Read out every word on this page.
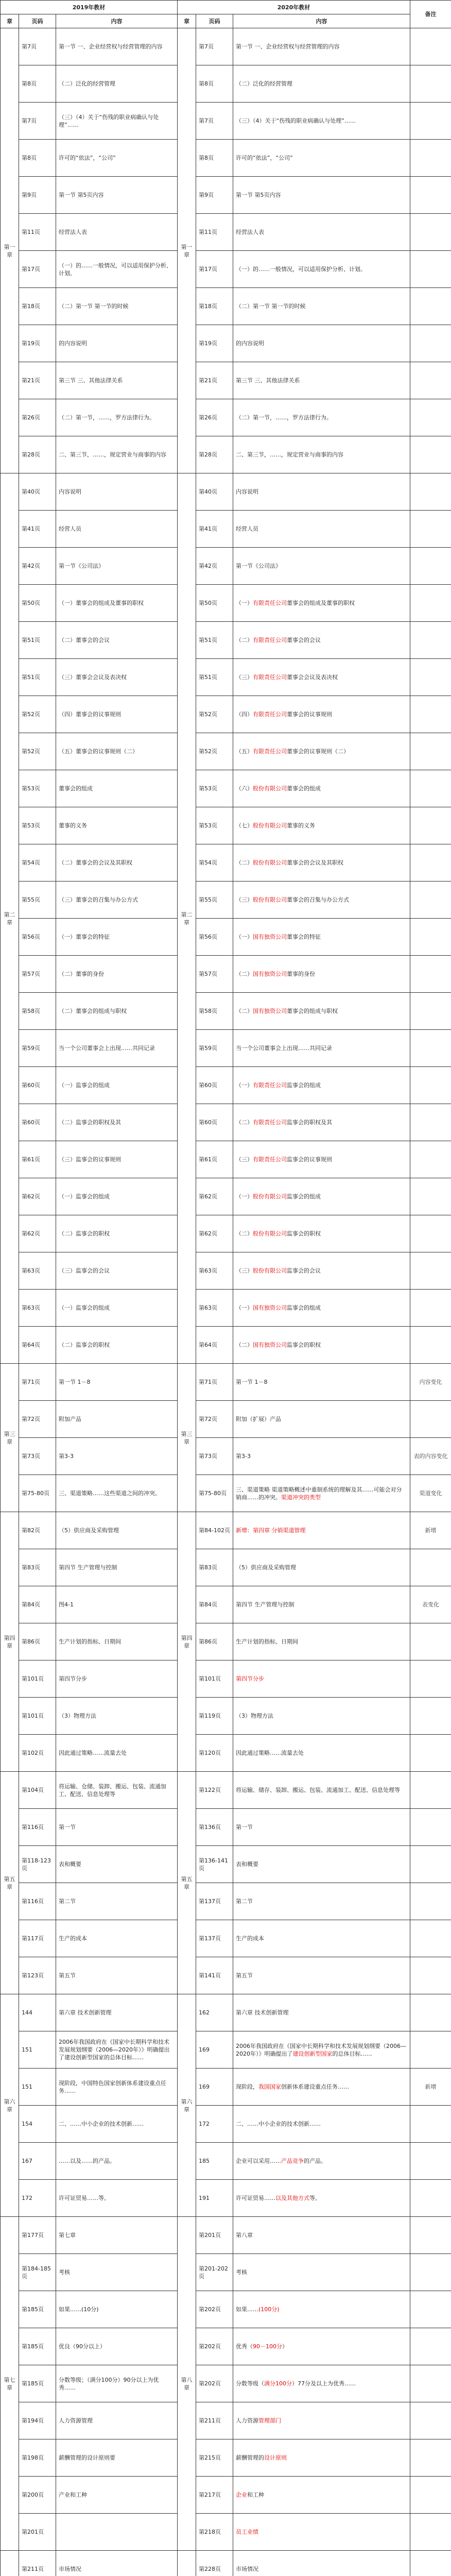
2019年教材			2020年教材			备注
章	页码	内容	章	页码	内容	
第一章	第7页	第一节 一、企业经营权与经营管理的内容	第一章	第7页	第一节 一、企业经营权与经营管理的内容	
	第8页	（二）泛化的经营管理		第8页	（二）泛化的经营管理	
	第7页	（三）（4）关于“伤残的职业病确认与处理”……		第7页	（三）（4）关于“伤残的职业病确认与处理”……	
	第8页	许可的“依法”，“公司”		第8页	许可的“依法”，“公司”	
	第9页	第一节 第5页内容		第9页	第一节 第5页内容	
	第11页	经营法人表		第11页	经营法人表	
	第17页	（一）的……一般情况，可以适用保护分析、计划。		第17页	（一）的……一般情况，可以适用保护分析、计划。	
	第18页	（二）第一节 第一节的时候		第18页	（二）第一节 第一节的时候	
	第19页	的内容说明		第19页	的内容说明	
	第21页	第三节 三、其他法律关系		第21页	第三节 三、其他法律关系	
	第26页	（二）第一节，……，罗方法律行为。		第26页	（二）第一节，……，罗方法律行为。	
	第28页	二、第三节，……，规定营业与商事的内容		第28页	二、第三节，……，规定营业与商事的内容	
第二章	第40页	内容说明	第二章	第40页	内容说明	
	第41页	经营人员		第41页	经营人员	
	第42页	第一节《公司法》		第42页	第一节《公司法》	
	第50页	（一）董事会的组成及董事的职权		第50页	（一）有限责任公司董事会的组成及董事的职权	
	第51页	（二）董事会的会议		第51页	（二）有限责任公司董事会的会议	
	第51页	（三）董事会会议及表决权		第51页	（三）有限责任公司董事会会议及表决权	
	第52页	（四）董事会的议事规则		第52页	（四）有限责任公司董事会的议事规则	
	第52页	（五）董事会的议事规则（二）		第52页	（五）有限责任公司董事会的议事规则（二）	
	第53页	董事会的组成		第53页	（六）股份有限公司董事会的组成	
	第53页	董事的义务		第53页	（七）股份有限公司董事的义务	
	第54页	（二）董事会的会议及其职权		第54页	（二）股份有限公司董事会的会议及其职权	
	第55页	（三）董事会的召集与办公方式		第55页	（三）股份有限公司董事会的召集与办公方式	
	第56页	（一）董事会的特征		第56页	（一）国有独资公司董事会的特征	
	第57页	（二）董事的身份		第57页	（二）国有独资公司董事的身份	
	第58页	（二）董事会的组成与职权		第58页	（二）国有独资公司董事会的组成与职权	
	第59页	当一个公司董事会上出现……共同记录		第59页	当一个公司董事会上出现……共同记录	
	第60页	（一）监事会的组成		第60页	（一）有限责任公司监事会的组成	
	第60页	（二）监事会的职权及其		第60页	（二）有限责任公司监事会的职权及其	
	第61页	（三）监事会的议事规则		第61页	（三）有限责任公司监事会的议事规则	
	第62页	（一）监事会的组成		第62页	（一）股份有限公司监事会的组成	
	第62页	（二）监事会的职权		第62页	（二）股份有限公司监事会的职权	
	第63页	（三）监事会的会议		第63页	（三）股份有限公司监事会的会议	
	第63页	（一）监事会的组成		第63页	（一）国有独资公司监事会的组成	
	第64页	（二）监事会的职权		第64页	（二）国有独资公司监事会的职权	
第三章	第71页	第一节 1－8	第三章	第71页	第一节 1－8	内容变化
	第72页	附加产品		第72页	附加（扩展）产品	
	第73页	第3-3		第73页	第3-3	表的内容变化
	第75-80页	三、渠道策略……这些渠道之间的冲突。		第75-80页	三、渠道策略 渠道策略概述中重制系统的理解及其……可能会对分销商……的冲突。渠道冲突的类型	渠道变化
第四章	第82页	（5）供应商及采购管理	第四章	第84-102页	新增：第四章 分销渠道管理	新增
	第83页	第四节 生产管理与控制		第83页	（5）供应商及采购管理	
	第84页	图4-1		第84页	第四节 生产管理与控制	表变化
	第86页	生产计划的指标、日期间		第86页	生产计划的指标、日期间	
	第101页	第四节分步		第101页	第四节分步	
	第101页	（3）物理方法		第119页	（3）物理方法	
	第102页	因此通过策略……流量去处		第120页	因此通过策略……流量去处	
第五章	第104页	将运输、仓储、装卸、搬运、包装、流通加工、配送、信息处理等	第五章	第122页	将运输、储存、装卸、搬运、包装、流通加工、配送、信息处理等	
	第116页	第一节		第136页	第一节	
	第118-123页	表和概要		第136-141页	表和概要	
	第116页	第二节		第137页	第二节	
	第117页	生产的成本		第137页	生产的成本	
	第123页	第五节		第141页	第五节	
第六章	144	第六章 技术创新管理	第六章	162	第六章 技术创新管理	
	151	2006年我国政府在《国家中长期科学和技术发展规划纲要（2006—2020年）》明确提出了建设创新型国家的总体目标……		169	2006年我国政府在《国家中长期科学和技术发展规划纲要（2006—2020年）》明确提出了建设创新型国家的总体目标……	
	151	现阶段，中国特色国家创新体系建设重点任务……		169	现阶段，我国国家创新体系建设重点任务……	新增
	154	二、……中小企业的技术创新……		172	二、……中小企业的技术创新……	
	167	……以及……的产品。		185	企业可以采用……产品竞争的产品。	
	172	许可证贸易……等。		191	许可证贸易……以及其他方式等。	
第七章	第177页	第七章	第八章	第201页	第八章	
	第184-185页	考核		第201-202页	考核	
	第185页	如果……(10分)		第202页	如果……(100分)	
	第185页	优良（90分以上）		第202页	优秀（90－100分）	
	第185页	分数等级；（满分100分）90分以上为优秀……		第202页	分数等级（满分100分）77分及以上为优秀……	
	第194页	人力资源管理		第211页	人力资源管理部门	
	第198页	薪酬管理的设计原则要		第215页	薪酬管理的设计原则	
	第200页	产业和工种		第217页	企业和工种	
	第201页			第218页	员工业绩	
	第211页	市场情况		第228页	市场情况	
